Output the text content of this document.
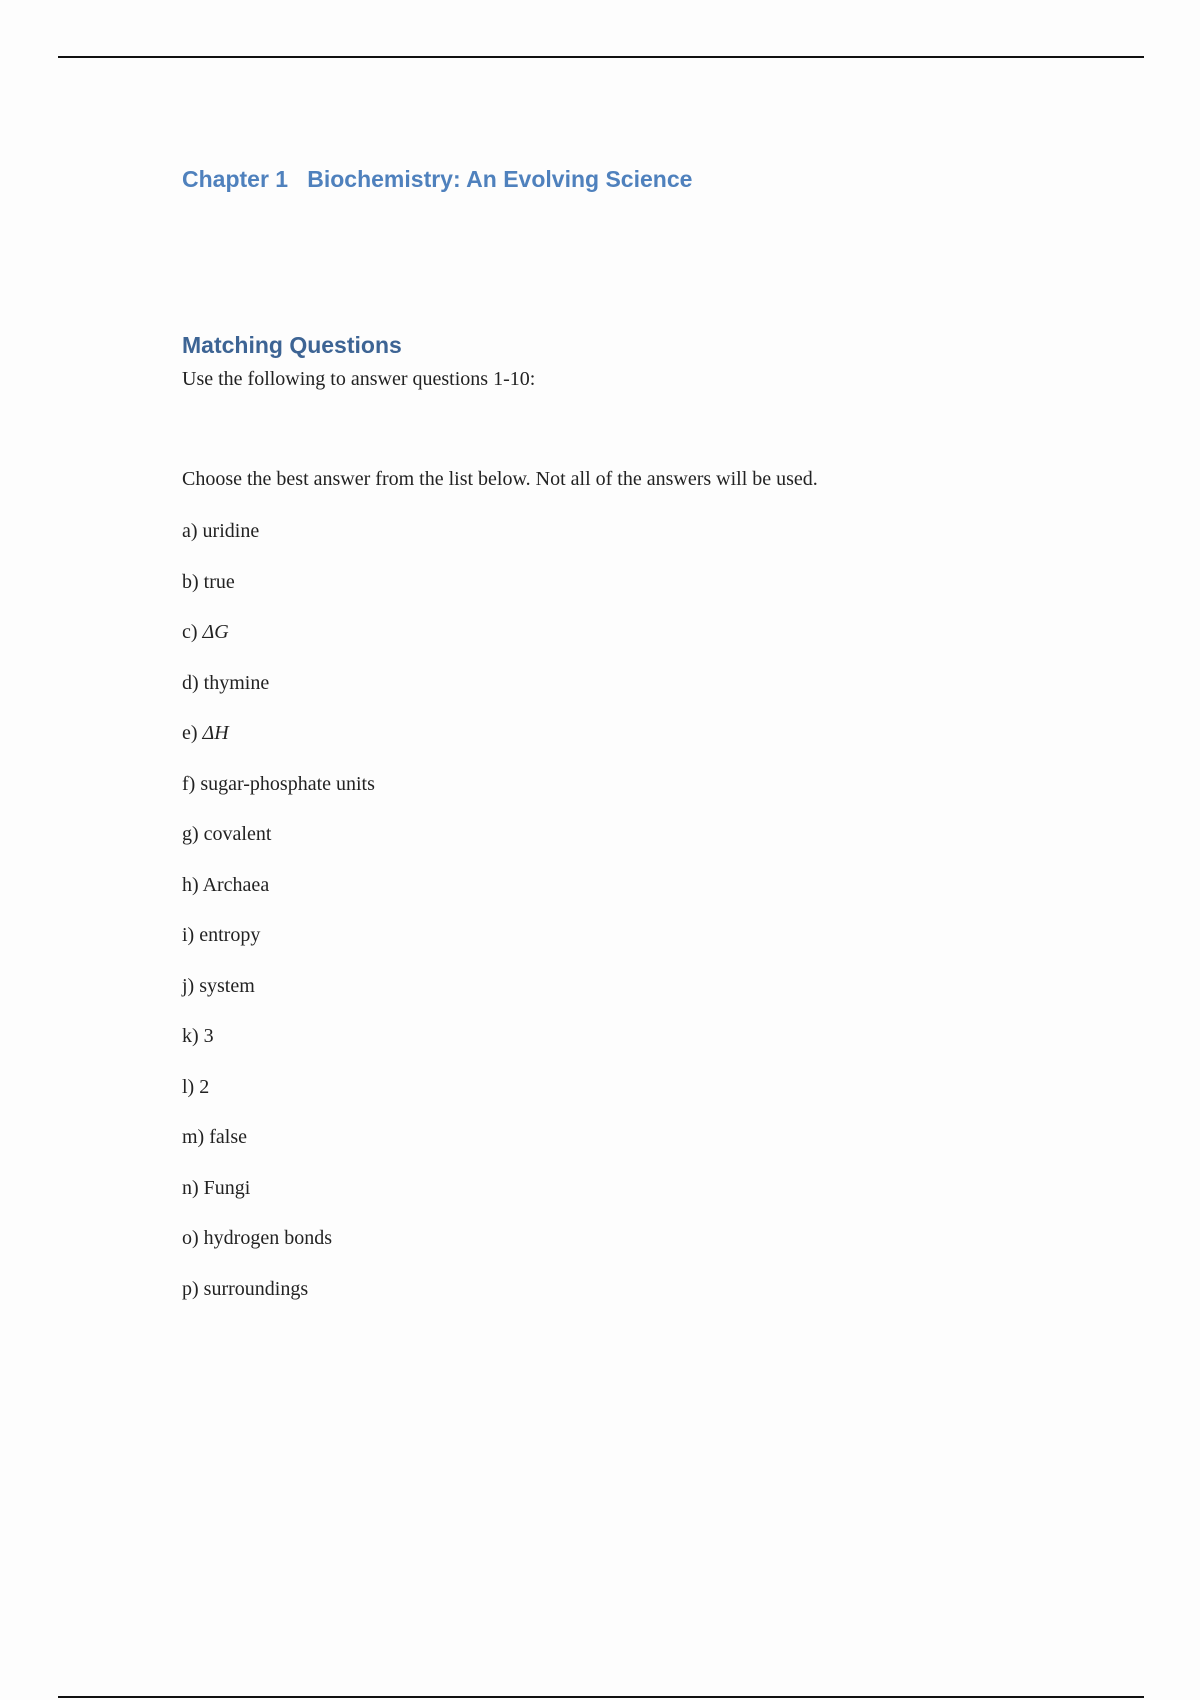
Chapter 1   Biochemistry: An Evolving Science
Matching Questions

Use the following to answer questions 1-10:

Choose the best answer from the list below. Not all of the answers will be used.

a) uridine
b) true
c) ΔG
d) thymine
e) ΔH
f) sugar-phosphate units
g) covalent
h) Archaea
i) entropy
j) system
k) 3
l) 2
m) false
n) Fungi
o) hydrogen bonds
p) surroundings
